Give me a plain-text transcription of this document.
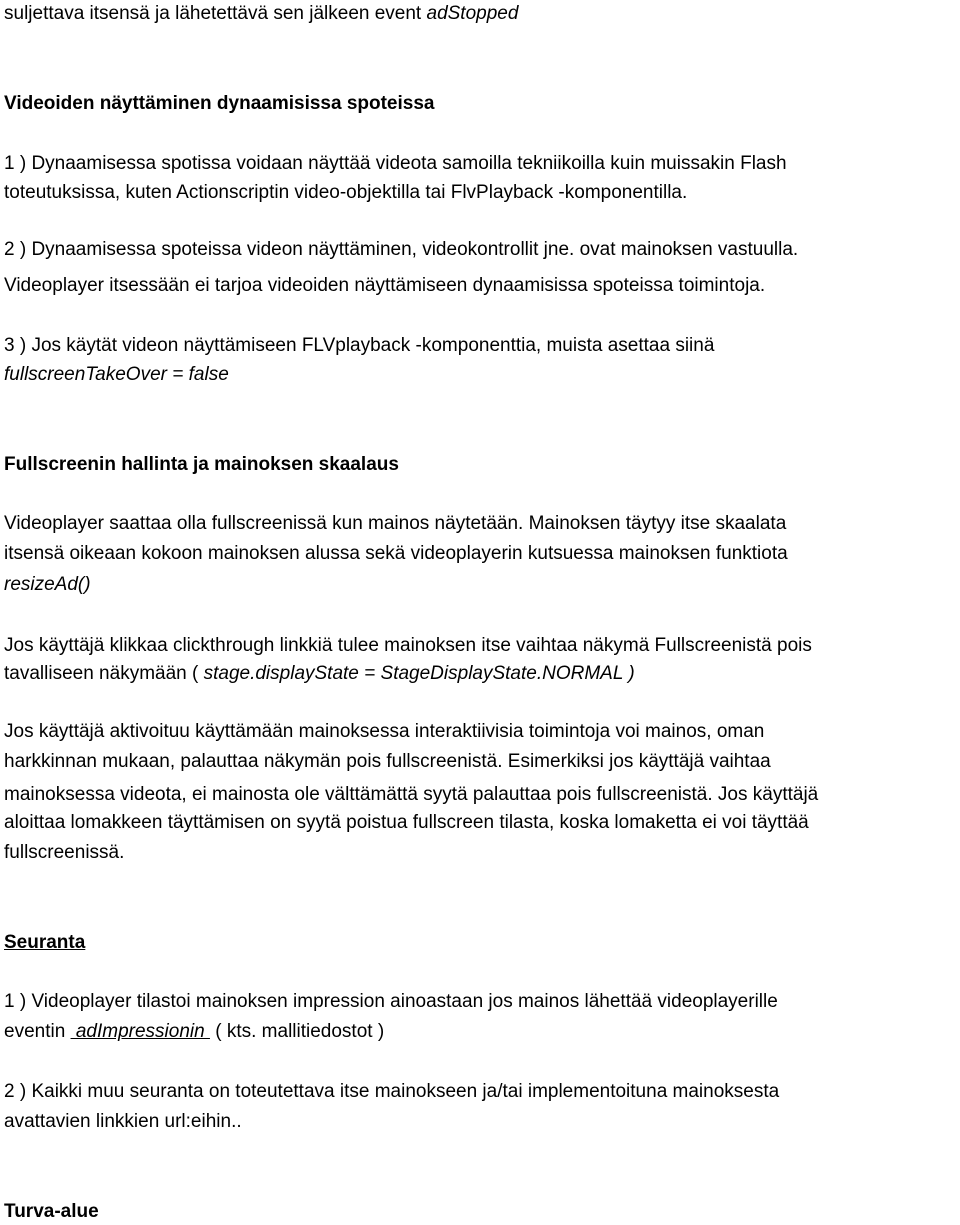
suljettava itsensä ja lähetettävä sen jälkeen event adStopped
Videoiden näyttäminen dynaamisissa spoteissa
1 ) Dynaamisessa spotissa voidaan näyttää videota samoilla tekniikoilla kuin muissakin Flash
toteutuksissa, kuten Actionscriptin video-objektilla tai FlvPlayback -komponentilla.
2 ) Dynaamisessa spoteissa videon näyttäminen, videokontrollit jne. ovat mainoksen vastuulla.
Videoplayer itsessään ei tarjoa videoiden näyttämiseen dynaamisissa spoteissa toimintoja.
3 ) Jos käytät videon näyttämiseen FLVplayback -komponenttia, muista asettaa siinä
fullscreenTakeOver = false
Fullscreenin hallinta ja mainoksen skaalaus
Videoplayer saattaa olla fullscreenissä kun mainos näytetään. Mainoksen täytyy itse skaalata
itsensä oikeaan kokoon mainoksen alussa sekä videoplayerin kutsuessa mainoksen funktiota
resizeAd()
Jos käyttäjä klikkaa clickthrough linkkiä tulee mainoksen itse vaihtaa näkymä Fullscreenistä pois
tavalliseen näkymään ( stage.displayState = StageDisplayState.NORMAL )
Jos käyttäjä aktivoituu käyttämään mainoksessa interaktiivisia toimintoja voi mainos, oman
harkkinnan mukaan, palauttaa näkymän pois fullscreenistä. Esimerkiksi jos käyttäjä vaihtaa
mainoksessa videota, ei mainosta ole välttämättä syytä palauttaa pois fullscreenistä. Jos käyttäjä
aloittaa lomakkeen täyttämisen on syytä poistua fullscreen tilasta, koska lomaketta ei voi täyttää
fullscreenissä.
Seuranta
1 ) Videoplayer tilastoi mainoksen impression ainoastaan jos mainos lähettää videoplayerille
eventin  adImpressionin  ( kts. mallitiedostot )
2 ) Kaikki muu seuranta on toteutettava itse mainokseen ja/tai implementoituna mainoksesta
avattavien linkkien url:eihin..
Turva-alue
